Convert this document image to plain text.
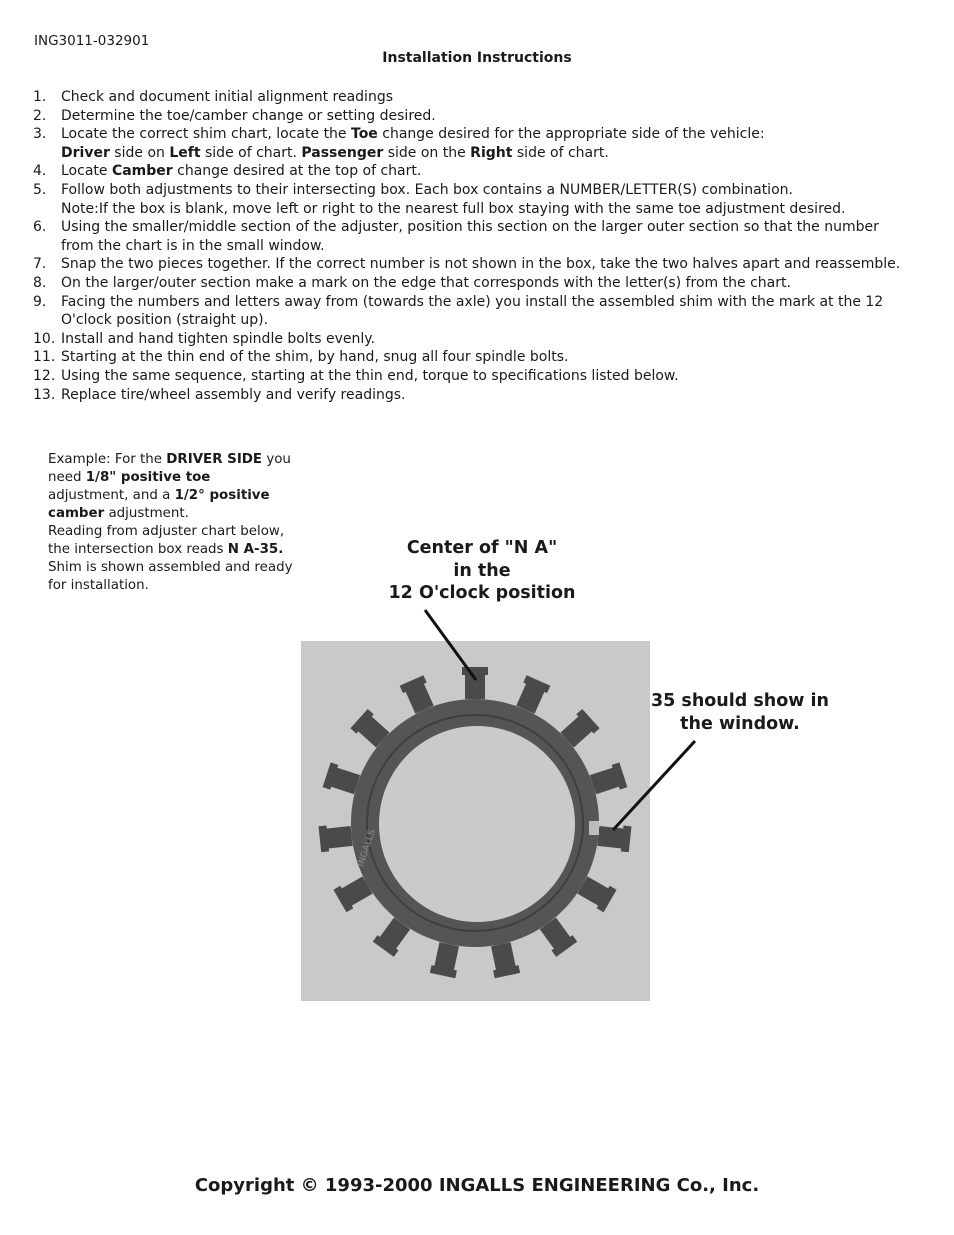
ING3011-032901
Installation Instructions
1. Check and document initial alignment readings
2. Determine the toe/camber change or setting desired.
3. Locate the correct shim chart, locate the Toe change desired for the appropriate side of the vehicle:
Driver side on Left side of chart. Passenger side on the Right side of chart.
4. Locate Camber change desired at the top of chart.
5. Follow both adjustments to their intersecting box. Each box contains a NUMBER/LETTER(S) combination.
Note:If the box is blank, move left or right to the nearest full box staying with the same toe adjustment desired.
6. Using the smaller/middle section of the adjuster, position this section on the larger outer section so that the number from the chart is in the small window.
7. Snap the two pieces together. If the correct number is not shown in the box, take the two halves apart and reassemble.
8. On the larger/outer section make a mark on the edge that corresponds with the letter(s) from the chart.
9. Facing the numbers and letters away from (towards the axle) you install the assembled shim with the mark at the 12 O'clock position (straight up).
10. Install and hand tighten spindle bolts evenly.
11. Starting at the thin end of the shim, by hand, snug all four spindle bolts.
12. Using the same sequence, starting at the thin end, torque to specifications listed below.
13. Replace tire/wheel assembly and verify readings.
Example: For the DRIVER SIDE you need 1/8" positive toe adjustment, and a 1/2° positive camber adjustment.
Reading from adjuster chart below, the intersection box reads N A-35.
Shim is shown assembled and ready for installation.
Center of "N A"
in the
12 O'clock position
35 should show in
the window.
INGALLS
Copyright © 1993-2000 INGALLS ENGINEERING Co., Inc.
